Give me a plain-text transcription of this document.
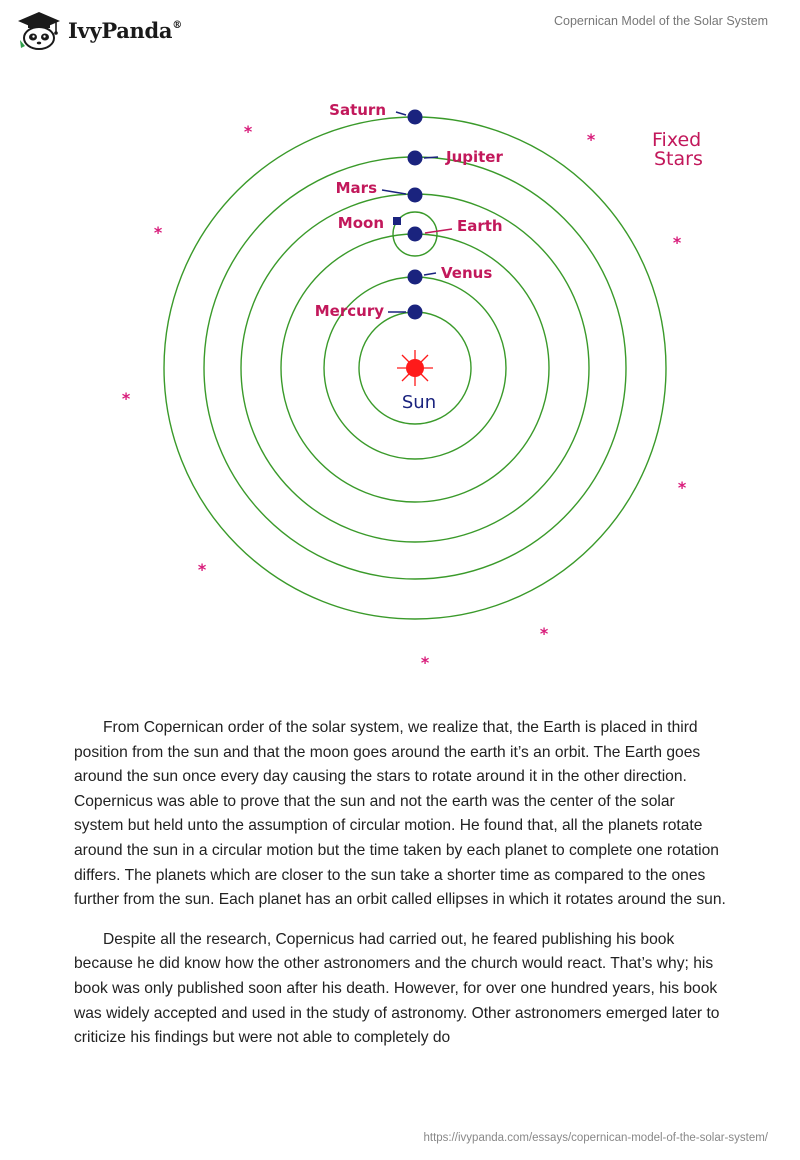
IvyPanda®	Copernican Model of the Solar System
Saturn
Jupiter
Mars
Moon	Earth
Venus
Mercury
Fixed
Stars
Sun
*	*
*
*
*
*
*
*
*

From Copernican order of the solar system, we realize that, the Earth is placed in third position from the sun and that the moon goes around the earth it’s an orbit. The Earth goes around the sun once every day causing the stars to rotate around it in the other direction. Copernicus was able to prove that the sun and not the earth was the center of the solar system but held unto the assumption of circular motion. He found that, all the planets rotate around the sun in a circular motion but the time taken by each planet to complete one rotation differs. The planets which are closer to the sun take a shorter time as compared to the ones further from the sun. Each planet has an orbit called ellipses in which it rotates around the sun.

Despite all the research, Copernicus had carried out, he feared publishing his book because he did know how the other astronomers and the church would react. That’s why; his book was only published soon after his death. However, for over one hundred years, his book was widely accepted and used in the study of astronomy. Other astronomers emerged later to criticize his findings but were not able to completely do

https://ivypanda.com/essays/copernican-model-of-the-solar-system/
